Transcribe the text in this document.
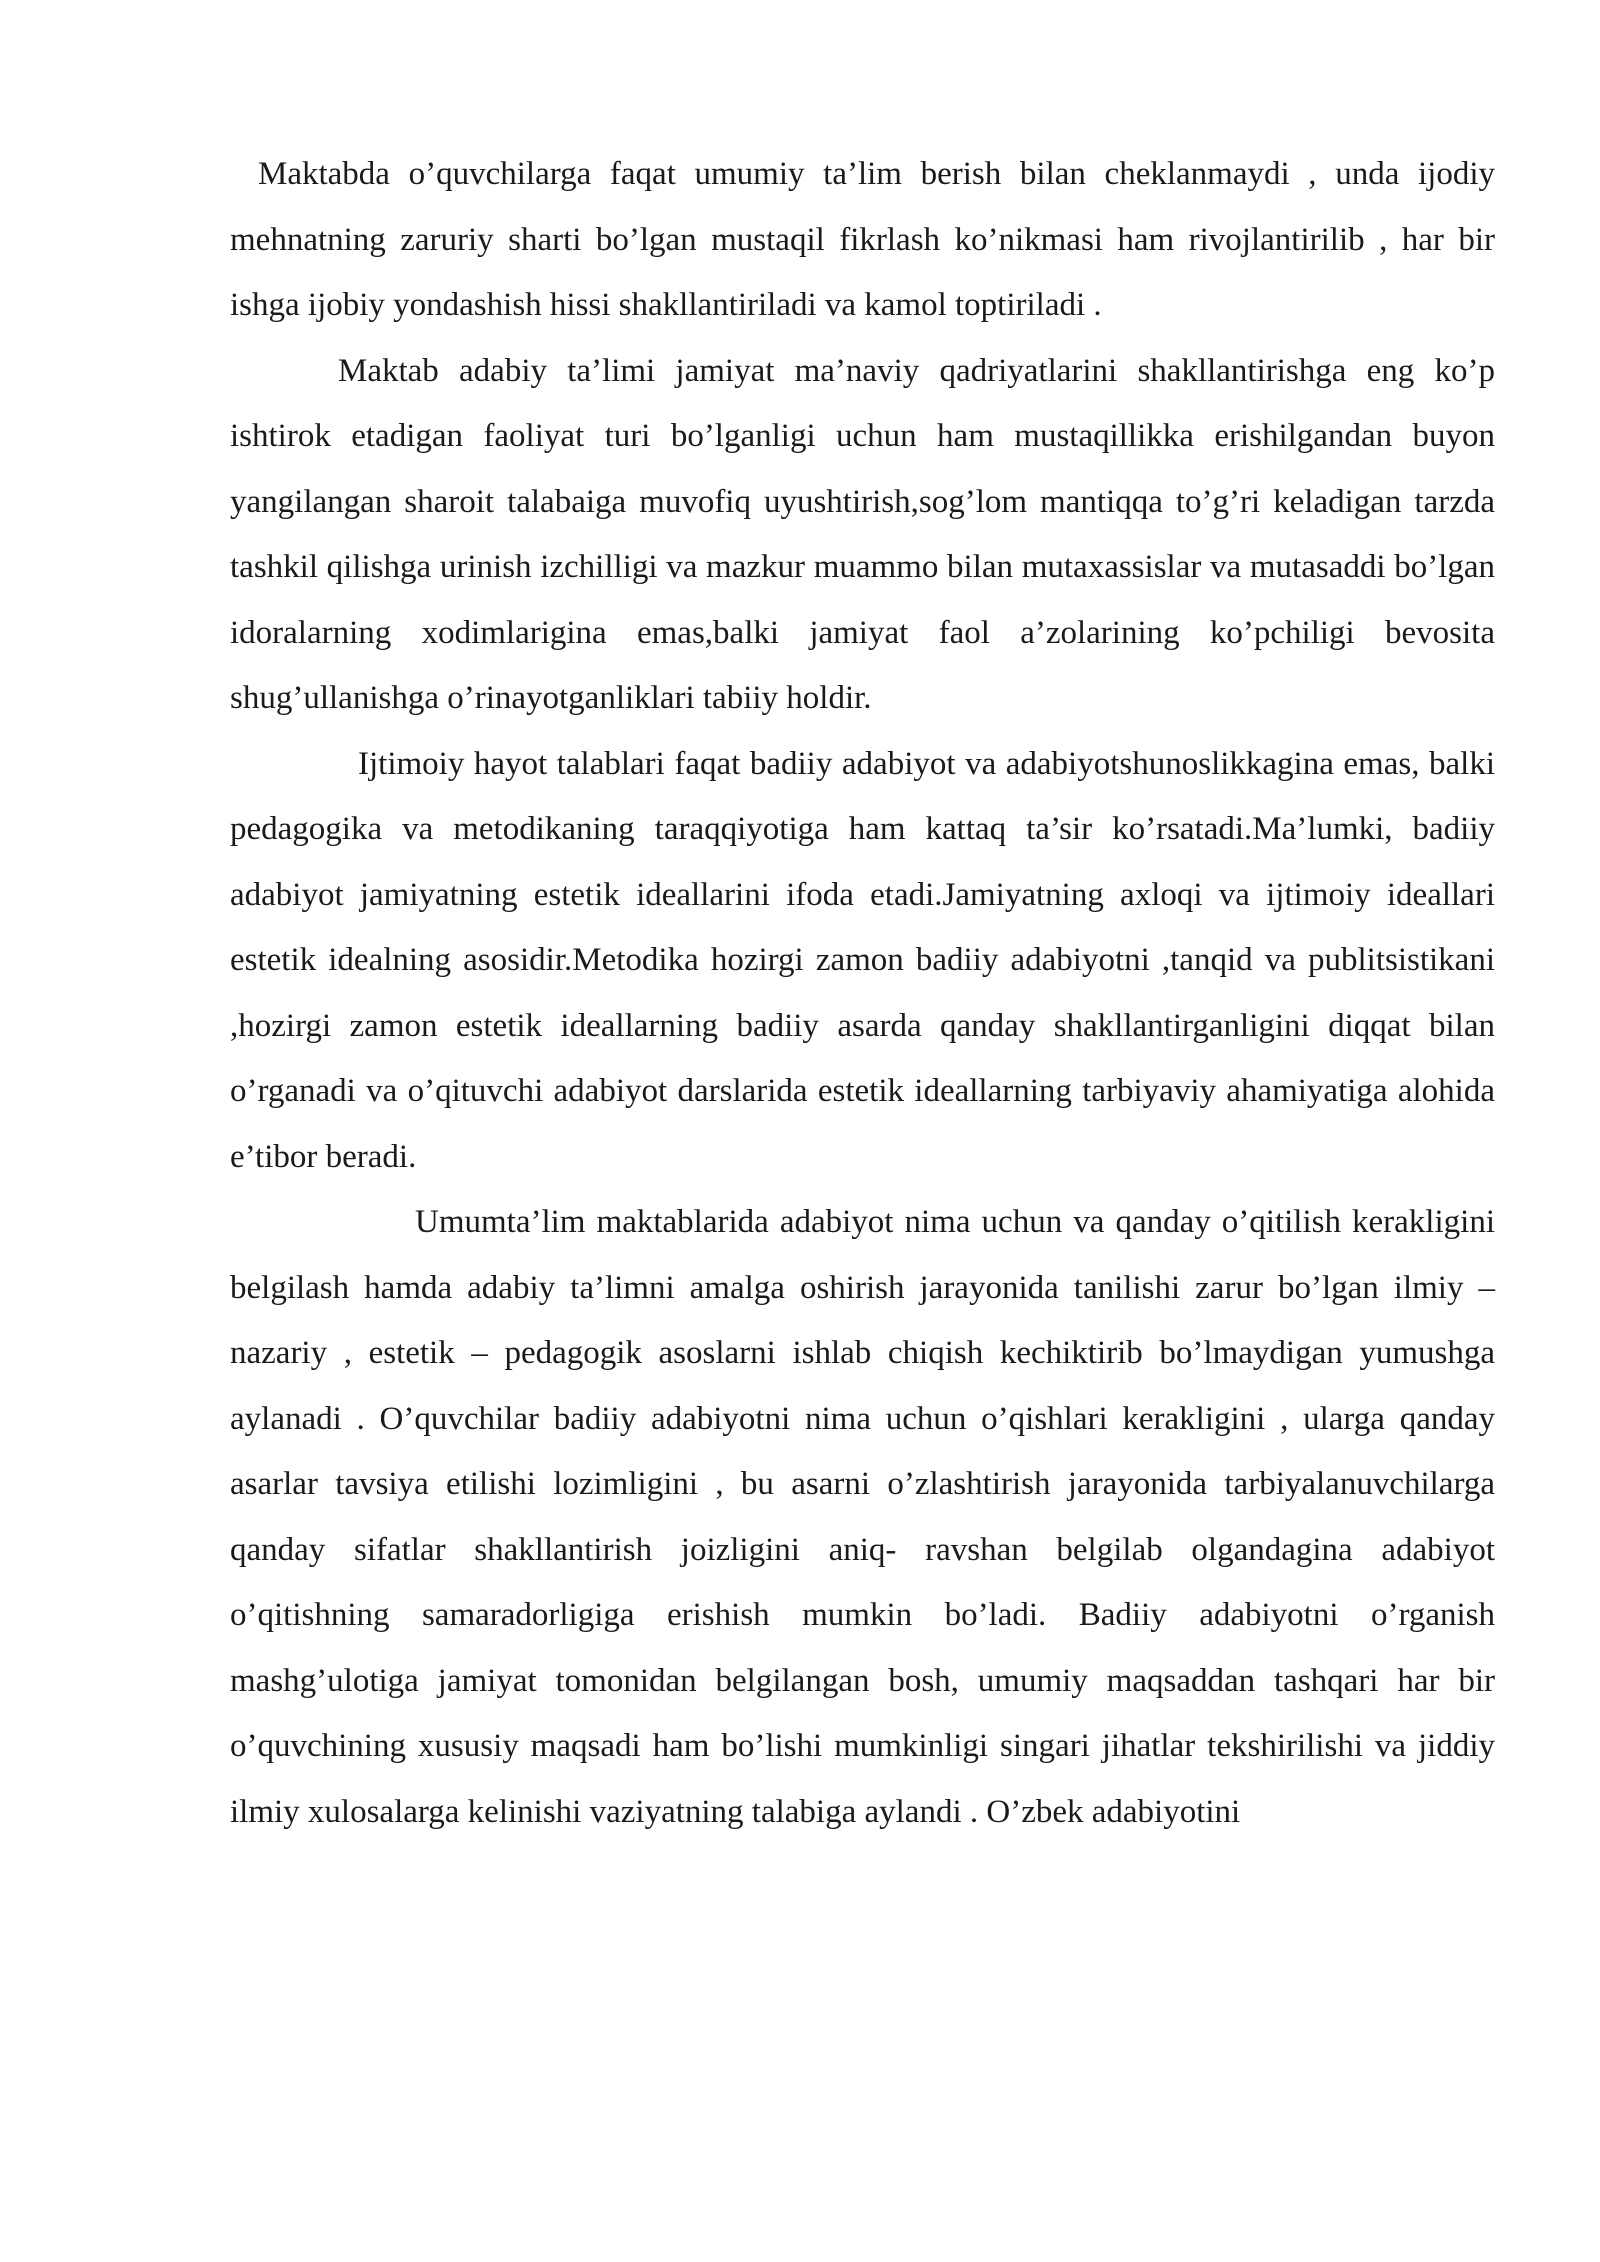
Maktabda o’quvchilarga faqat umumiy ta’lim berish bilan cheklanmaydi , unda ijodiy mehnatning zaruriy sharti bo’lgan mustaqil fikrlash ko’nikmasi ham rivojlantirilib , har bir ishga ijobiy yondashish hissi shakllantiriladi va kamol toptiriladi .

Maktab adabiy ta’limi jamiyat ma’naviy qadriyatlarini shakllantirishga eng ko’p ishtirok etadigan faoliyat turi bo’lganligi uchun ham mustaqillikka erishilgandan buyon yangilangan sharoit talabaiga muvofiq uyushtirish,sog’lom mantiqqa to’g’ri keladigan tarzda tashkil qilishga urinish izchilligi va mazkur muammo bilan mutaxassislar va mutasaddi bo’lgan idoralarning xodimlarigina emas,balki jamiyat faol a’zolarining ko’pchiligi bevosita shug’ullanishga o’rinayotganliklari tabiiy holdir.

Ijtimoiy hayot talablari faqat badiiy adabiyot va adabiyotshunoslikkagina emas, balki pedagogika va metodikaning taraqqiyotiga ham kattaq ta’sir ko’rsatadi.Ma’lumki, badiiy adabiyot jamiyatning estetik ideallarini ifoda etadi.Jamiyatning axloqi va ijtimoiy ideallari estetik idealning asosidir.Metodika hozirgi zamon badiiy adabiyotni ,tanqid va publitsistikani ,hozirgi zamon estetik ideallarning badiiy asarda qanday shakllantirganligini diqqat bilan o’rganadi va o’qituvchi adabiyot darslarida estetik ideallarning tarbiyaviy ahamiyatiga alohida e’tibor beradi.

Umumta’lim maktablarida adabiyot nima uchun va qanday o’qitilish kerakligini belgilash hamda adabiy ta’limni amalga oshirish jarayonida tanilishi zarur bo’lgan ilmiy – nazariy , estetik – pedagogik asoslarni ishlab chiqish kechiktirib bo’lmaydigan yumushga aylanadi . O’quvchilar badiiy adabiyotni nima uchun o’qishlari kerakligini , ularga qanday asarlar tavsiya etilishi lozimligini , bu asarni o’zlashtirish jarayonida tarbiyalanuvchilarga qanday sifatlar shakllantirish joizligini aniq- ravshan belgilab olgandagina adabiyot o’qitishning samaradorligiga erishish mumkin bo’ladi. Badiiy adabiyotni o’rganish mashg’ulotiga jamiyat tomonidan belgilangan bosh, umumiy maqsaddan tashqari har bir o’quvchining xususiy maqsadi ham bo’lishi mumkinligi singari jihatlar tekshirilishi va jiddiy ilmiy xulosalarga kelinishi vaziyatning talabiga aylandi . O’zbek adabiyotini
